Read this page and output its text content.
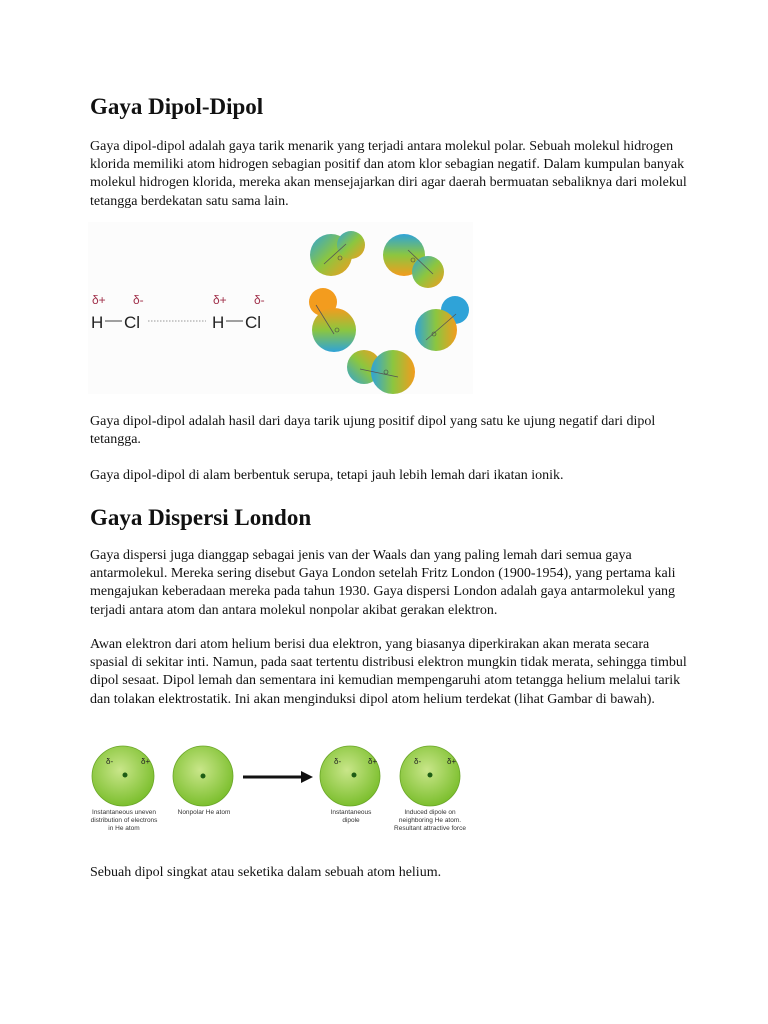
Gaya Dipol-Dipol

Gaya dipol-dipol adalah gaya tarik menarik yang terjadi antara molekul polar. Sebuah molekul hidrogen klorida memiliki atom hidrogen sebagian positif dan atom klor sebagian negatif. Dalam kumpulan banyak molekul hidrogen klorida, mereka akan mensejajarkan diri agar daerah bermuatan sebaliknya dari molekul tetangga berdekatan satu sama lain.

δ+ δ-
H Cl
δ+ δ-
H Cl

Gaya dipol-dipol adalah hasil dari daya tarik ujung positif dipol yang satu ke ujung negatif dari dipol tetangga.

Gaya dipol-dipol di alam berbentuk serupa, tetapi jauh lebih lemah dari ikatan ionik.

Gaya Dispersi London

Gaya dispersi juga dianggap sebagai jenis van der Waals dan yang paling lemah dari semua gaya antarmolekul. Mereka sering disebut Gaya London setelah Fritz London (1900-1954), yang pertama kali mengajukan keberadaan mereka pada tahun 1930. Gaya dispersi London adalah gaya antarmolekul yang terjadi antara atom dan antara molekul nonpolar akibat gerakan elektron.

Awan elektron dari atom helium berisi dua elektron, yang biasanya diperkirakan akan merata secara spasial di sekitar inti. Namun, pada saat tertentu distribusi elektron mungkin tidak merata, sehingga timbul dipol sesaat. Dipol lemah dan sementara ini kemudian mempengaruhi atom tetangga helium melalui tarik dan tolakan elektrostatik. Ini akan menginduksi dipol atom helium terdekat (lihat Gambar di bawah).

δ-	δ+	δ-	δ+	δ-	δ+
Instantaneous uneven distribution of electrons in He atom
Nonpolar He atom	Instantaneous dipole
Induced dipole on neighboring He atom. Resultant attractive force

Sebuah dipol singkat atau seketika dalam sebuah atom helium.
